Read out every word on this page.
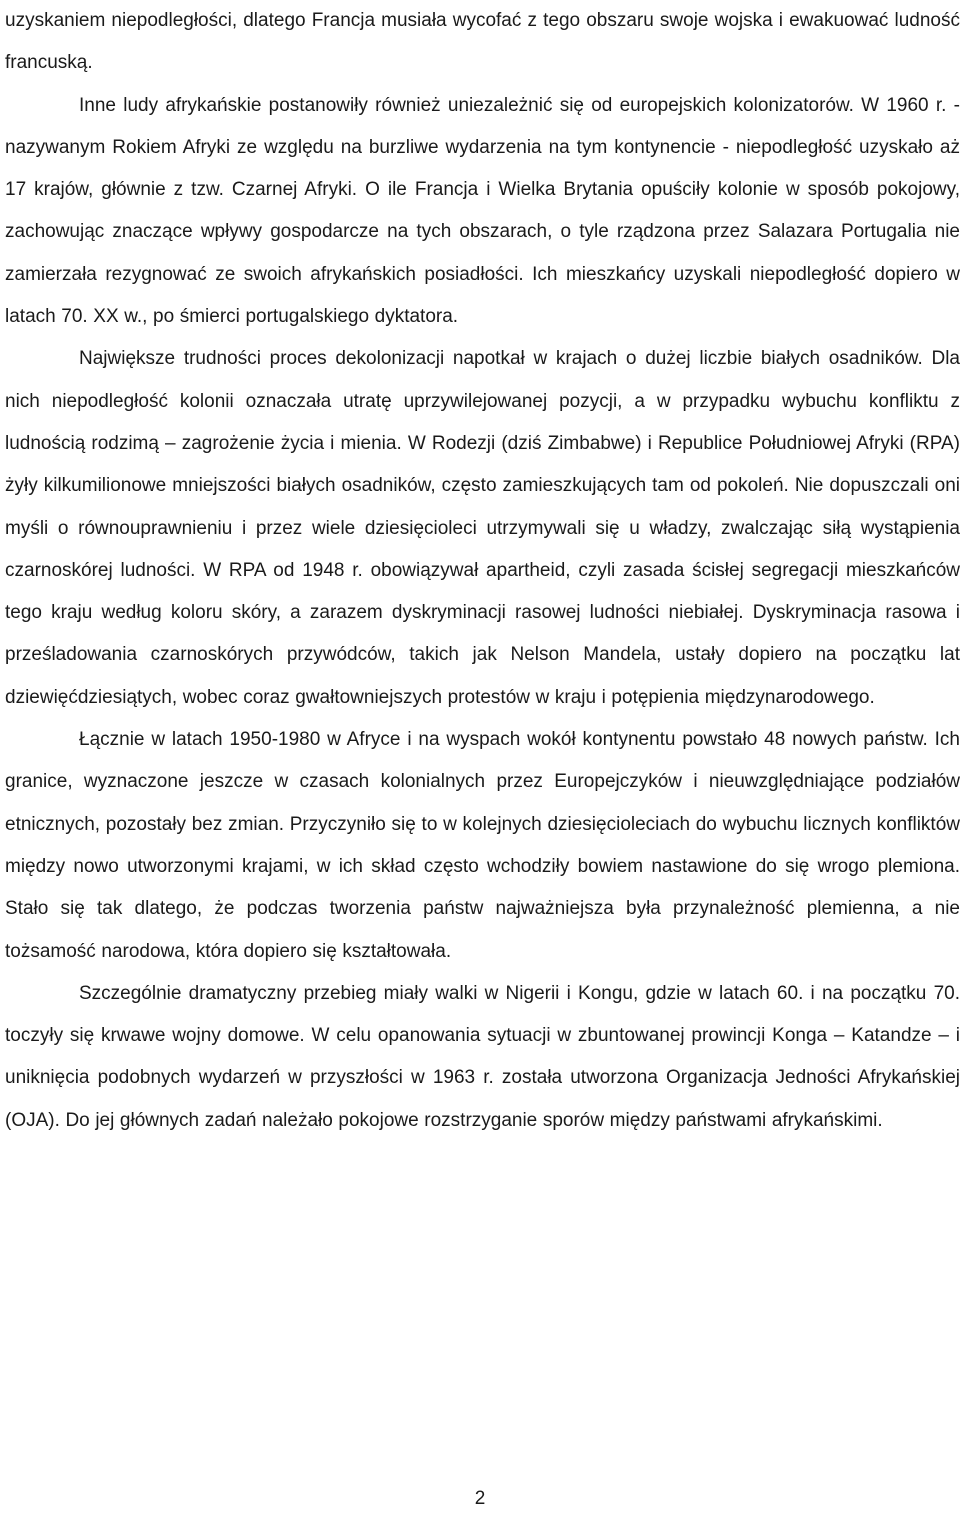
uzyskaniem niepodległości, dlatego Francja musiała wycofać z tego obszaru swoje wojska i ewakuować ludność francuską.

Inne ludy afrykańskie postanowiły również uniezależnić się od europejskich kolonizatorów. W 1960 r. - nazywanym Rokiem Afryki ze względu na burzliwe wydarzenia na tym kontynencie - niepodległość uzyskało aż 17 krajów, głównie z tzw. Czarnej Afryki. O ile Francja i Wielka Brytania opuściły kolonie w sposób pokojowy, zachowując znaczące wpływy gospodarcze na tych obszarach, o tyle rządzona przez Salazara Portugalia nie zamierzała rezygnować ze swoich afrykańskich posiadłości. Ich mieszkańcy uzyskali niepodległość dopiero w latach 70. XX w., po śmierci portugalskiego dyktatora.

Największe trudności proces dekolonizacji napotkał w krajach o dużej liczbie białych osadników. Dla nich niepodległość kolonii oznaczała utratę uprzywilejowanej pozycji, a w przypadku wybuchu konfliktu z ludnością rodzimą – zagrożenie życia i mienia. W Rodezji (dziś Zimbabwe) i Republice Południowej Afryki (RPA) żyły kilkumilionowe mniejszości białych osadników, często zamieszkujących tam od pokoleń. Nie dopuszczali oni myśli o równouprawnieniu i przez wiele dziesięcioleci utrzymywali się u władzy, zwalczając siłą wystąpienia czarnoskórej ludności. W RPA od 1948 r. obowiązywał apartheid, czyli zasada ścisłej segregacji mieszkańców tego kraju według koloru skóry, a zarazem dyskryminacji rasowej ludności niebiałej. Dyskryminacja rasowa i prześladowania czarnoskórych przywódców, takich jak Nelson Mandela, ustały dopiero na początku lat dziewięćdziesiątych, wobec coraz gwałtowniejszych protestów w kraju i potępienia międzynarodowego.

Łącznie w latach 1950-1980 w Afryce i na wyspach wokół kontynentu powstało 48 nowych państw. Ich granice, wyznaczone jeszcze w czasach kolonialnych przez Europejczyków i nieuwzględniające podziałów etnicznych, pozostały bez zmian. Przyczyniło się to w kolejnych dziesięcioleciach do wybuchu licznych konfliktów między nowo utworzonymi krajami, w ich skład często wchodziły bowiem nastawione do się wrogo plemiona. Stało się tak dlatego, że podczas tworzenia państw najważniejsza była przynależność plemienna, a nie tożsamość narodowa, która dopiero się kształtowała.

Szczególnie dramatyczny przebieg miały walki w Nigerii i Kongu, gdzie w latach 60. i na początku 70. toczyły się krwawe wojny domowe. W celu opanowania sytuacji w zbuntowanej prowincji Konga – Katandze – i uniknięcia podobnych wydarzeń w przyszłości w 1963 r. została utworzona Organizacja Jedności Afrykańskiej (OJA). Do jej głównych zadań należało pokojowe rozstrzyganie sporów między państwami afrykańskimi.

2
